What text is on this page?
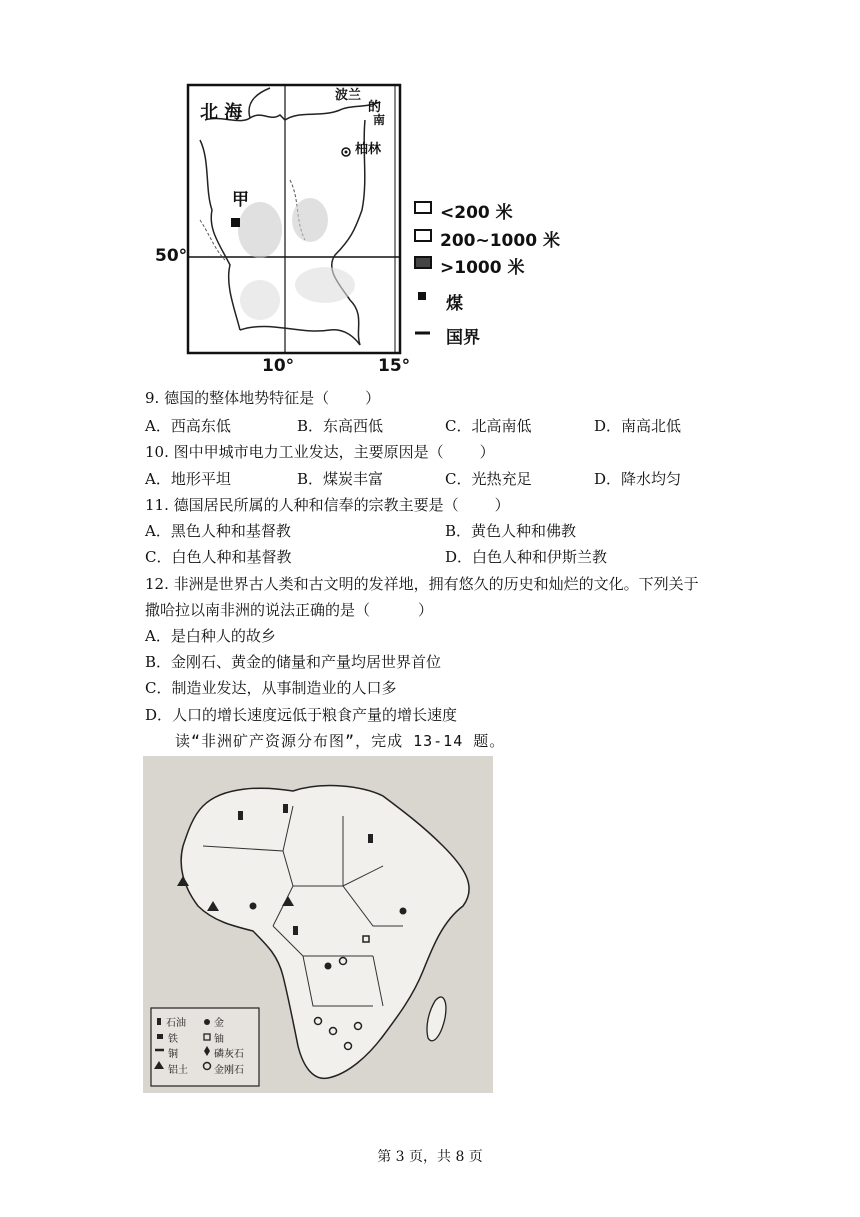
北 海
波兰
的
南
柏林
甲
50°
10°	15°
<200 米
200~1000 米
>1000 米
煤
国界
9. 德国的整体地势特征是（ ）
A．西高东低	B．东高西低	C．北高南低	D．南高北低
10. 图中甲城市电力工业发达，主要原因是（ ）
A．地形平坦	B．煤炭丰富	C．光热充足	D．降水均匀
11. 德国居民所属的人种和信奉的宗教主要是（ ）
A．黑色人种和基督教	B．黄色人种和佛教
C．白色人种和基督教	D．白色人种和伊斯兰教
12. 非洲是世界古人类和古文明的发祥地，拥有悠久的历史和灿烂的文化。下列关于
撒哈拉以南非洲的说法正确的是（	）
A．是白种人的故乡
B．金刚石、黄金的储量和产量均居世界首位
C．制造业发达，从事制造业的人口多
D．人口的增长速度远低于粮食产量的增长速度
读“非洲矿产资源分布图”，完成 13-14 题。
石油	金
铁	铀
铜	磷灰石
铝土	金刚石
第 3 页，共 8 页
